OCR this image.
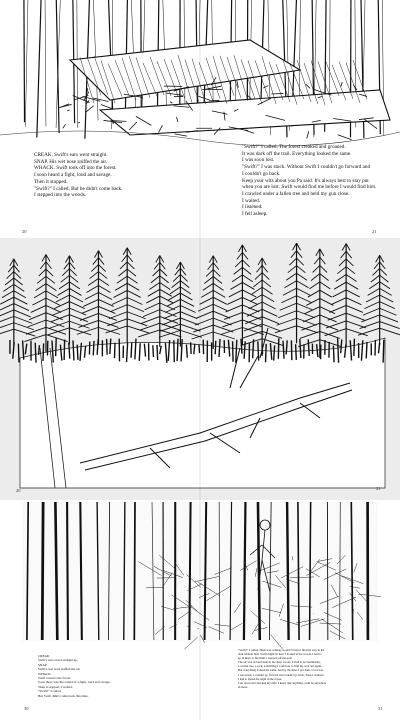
CREAK. Swift's ears went straight.

SNAP. His wet nose sniffed the air.

WHACK. Swift took off into the forest.

I soon heard a fight, loud and savage.

Then it stopped.

"Swift?" I called. But he didn't come back.

I stepped into the woods.

"Swift?" I called. The forest creaked and groaned.

It was dark off the trail. Everything looked the same.

I was soon lost.

"Swift?" I was stuck. Without Swift I couldn't go forward and

I couldn't go back.

Keep your wits about you Pa said. It's always best to stay put

when you are lost. Swift would find me before I would find him.

I crawled under a fallen tree and held my gun close.

I waited.

I listened.

I fell asleep.

20	21
20	21

CREAK

Swift's ears stood straight up.

SNAP

Swift's wet nose sniffed the air.

WHACK

Swift ran into the forest.

Soon there was the sound of a fight- loud and savage.

Then it stopped. I waited.

"Swift?" I called.

But Swift didn't come back this time.

"Swift?" I called. Dusk was coming on and I'd never find my way in the

dark without him. Swift might be hurt. I looked at the woods. I had to

go in there to find him. I stepped off the trail.

The air was old and stale in the deep woods. I tried to act landmarky,

a certain tree, a rock, something I could use to find my way out again.

But everything looked the same. And by the time it got dark, I was lost.

I was stuck. I couldn't go forward and couldn't go back. Then I realized

I had to spend the night in the forest.

I sat down and checked my rifle. I knew that anything could be anywhere

in there.

30	31
